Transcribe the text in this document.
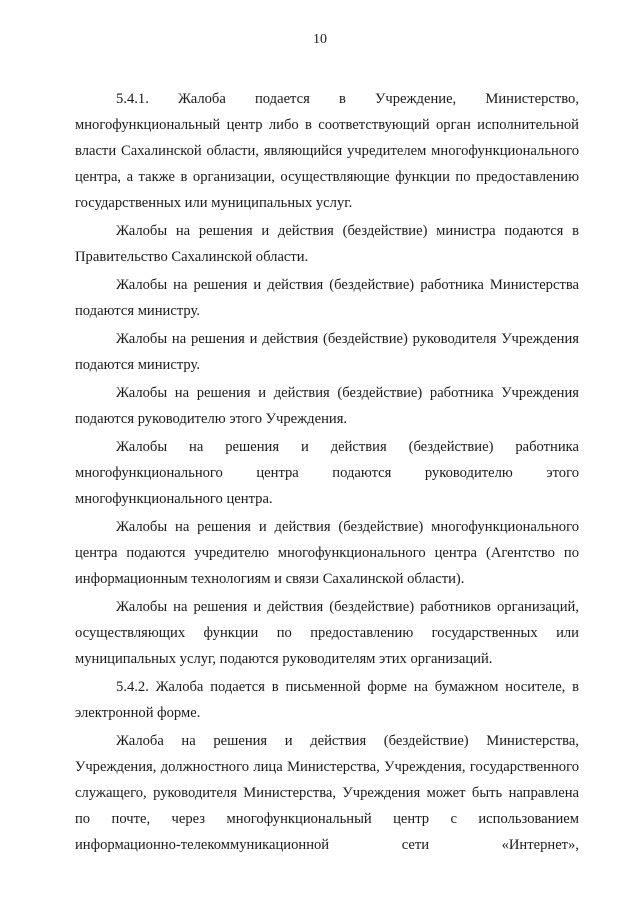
10

5.4.1. Жалоба подается в Учреждение, Министерство, многофункциональный центр либо в соответствующий орган исполнительной власти Сахалинской области, являющийся учредителем многофункционального центра, а также в организации, осуществляющие функции по предоставлению государственных или муниципальных услуг.

Жалобы на решения и действия (бездействие) министра подаются в Правительство Сахалинской области.

Жалобы на решения и действия (бездействие) работника Министерства подаются министру.

Жалобы на решения и действия (бездействие) руководителя Учреждения подаются министру.

Жалобы на решения и действия (бездействие) работника Учреждения подаются руководителю этого Учреждения.

Жалобы на решения и действия (бездействие) работника многофункционального центра подаются руководителю этого многофункционального центра.

Жалобы на решения и действия (бездействие) многофункционального центра подаются учредителю многофункционального центра (Агентство по информационным технологиям и связи Сахалинской области).

Жалобы на решения и действия (бездействие) работников организаций, осуществляющих функции по предоставлению государственных или муниципальных услуг, подаются руководителям этих организаций.

5.4.2. Жалоба подается в письменной форме на бумажном носителе, в электронной форме.

Жалоба на решения и действия (бездействие) Министерства, Учреждения, должностного лица Министерства, Учреждения, государственного служащего, руководителя Министерства, Учреждения может быть направлена по почте, через многофункциональный центр с использованием информационно-телекоммуникационной сети «Интернет»,
